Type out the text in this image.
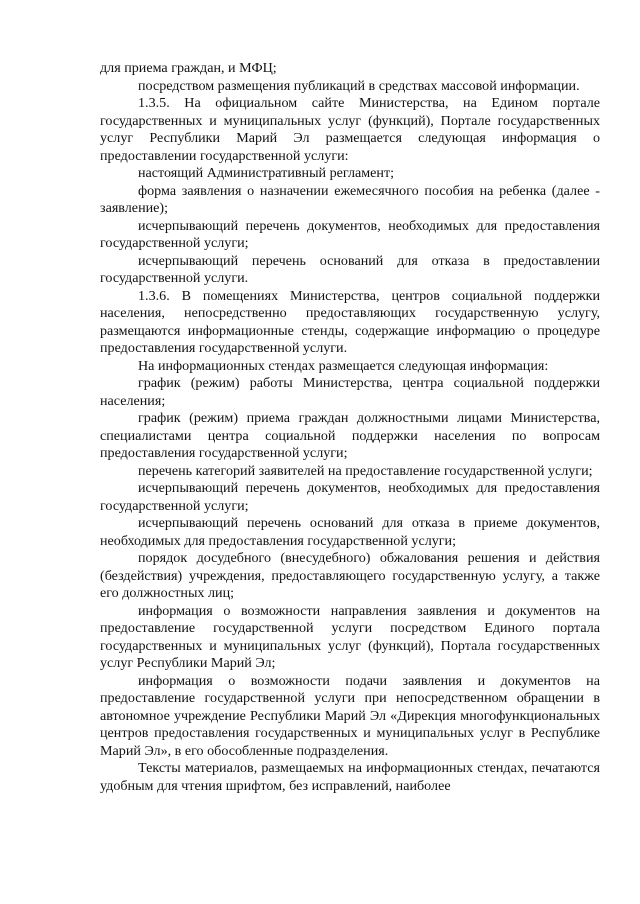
для приема граждан, и МФЦ;

посредством размещения публикаций в средствах массовой информации.

1.3.5. На официальном сайте Министерства, на Едином портале государственных и муниципальных услуг (функций), Портале государственных услуг Республики Марий Эл размещается следующая информация о предоставлении государственной услуги:

настоящий Административный регламент;

форма заявления о назначении ежемесячного пособия на ребенка (далее - заявление);

исчерпывающий перечень документов, необходимых для предоставления государственной услуги;

исчерпывающий перечень оснований для отказа в предоставлении государственной услуги.

1.3.6. В помещениях Министерства, центров социальной поддержки населения, непосредственно предоставляющих государственную услугу, размещаются информационные стенды, содержащие информацию о процедуре предоставления государственной услуги.

На информационных стендах размещается следующая информация:

график (режим) работы Министерства, центра социальной поддержки населения;

график (режим) приема граждан должностными лицами Министерства, специалистами центра социальной поддержки населения по вопросам предоставления государственной услуги;

перечень категорий заявителей на предоставление государственной услуги;

исчерпывающий перечень документов, необходимых для предоставления государственной услуги;

исчерпывающий перечень оснований для отказа в приеме документов, необходимых для предоставления государственной услуги;

порядок досудебного (внесудебного) обжалования решения и действия (бездействия) учреждения, предоставляющего государственную услугу, а также его должностных лиц;

информация о возможности направления заявления и документов на предоставление государственной услуги посредством Единого портала государственных и муниципальных услуг (функций), Портала государственных услуг Республики Марий Эл;

информация о возможности подачи заявления и документов на предоставление государственной услуги при непосредственном обращении в автономное учреждение Республики Марий Эл «Дирекция многофункциональных центров предоставления государственных и муниципальных услуг в Республике Марий Эл», в его обособленные подразделения.

Тексты материалов, размещаемых на информационных стендах, печатаются удобным для чтения шрифтом, без исправлений, наиболее
